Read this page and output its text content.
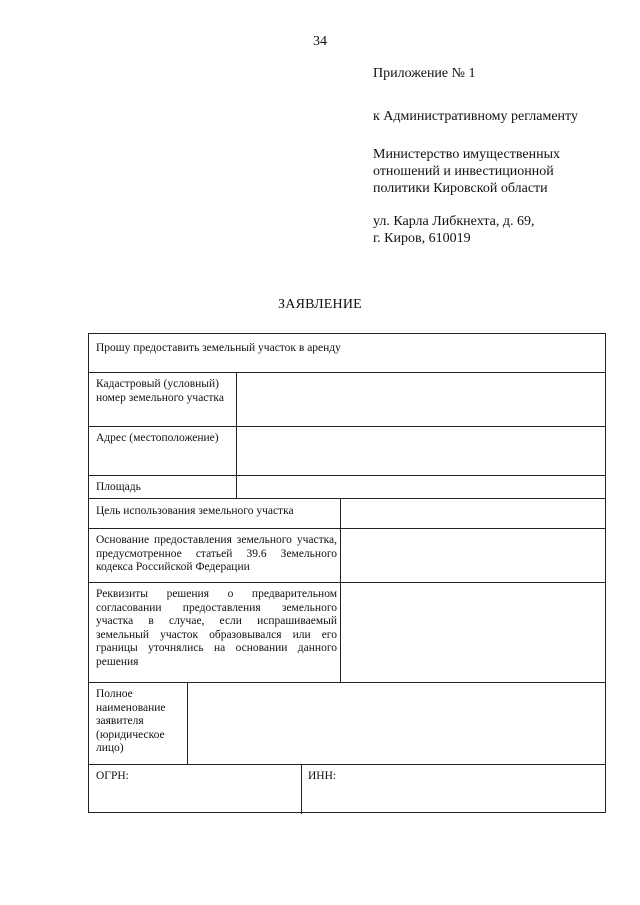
34
Приложение № 1
к Административному регламенту
Министерство имущественных
отношений и инвестиционной
политики Кировской области
ул. Карла Либкнехта, д. 69,
г. Киров, 610019
ЗАЯВЛЕНИЕ
Прошу предоставить земельный участок в аренду
Кадастровый (условный) номер земельного участка
Адрес (местоположение)
Площадь
Цель использования земельного участка
Основание предоставления земельного участка, предусмотренное статьей 39.6 Земельного кодекса Российской Федерации
Реквизиты решения о предварительном согласовании предоставления земельного участка в случае, если испрашиваемый земельный участок образовывался или его границы уточнялись на основании данного решения
Полное наименование заявителя (юридическое лицо)
ОГРН:	ИНН:
